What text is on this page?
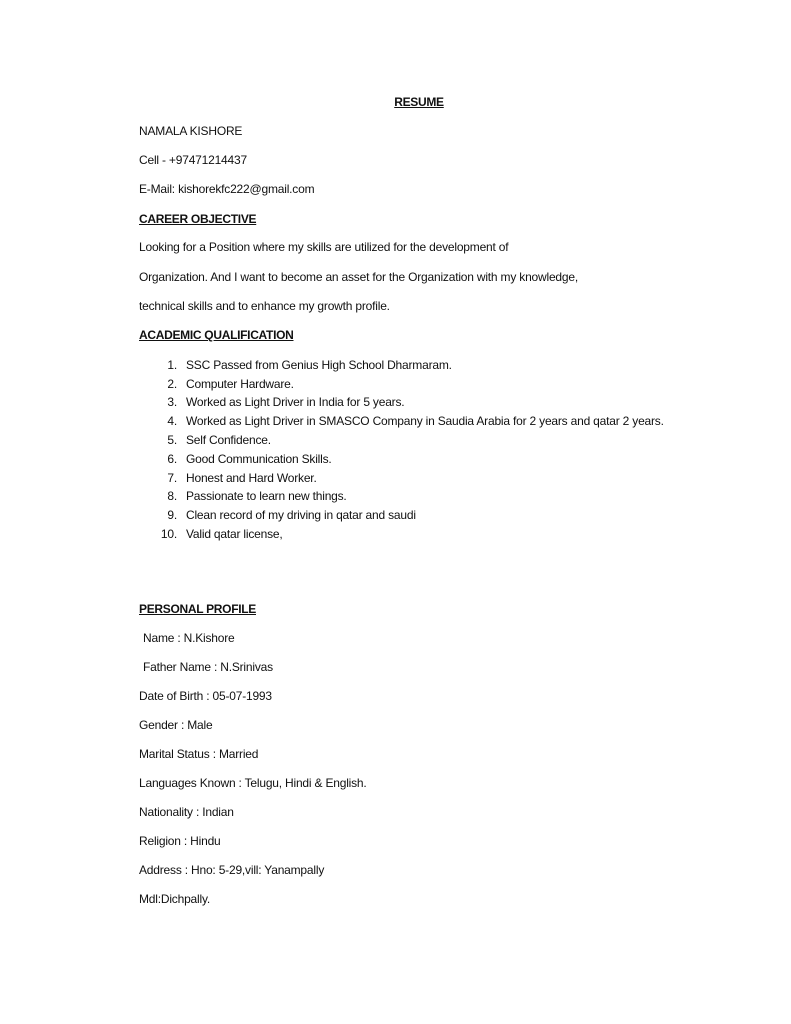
RESUME
NAMALA KISHORE
Cell - +97471214437
E-Mail: kishorekfc222@gmail.com
CAREER OBJECTIVE
Looking for a Position where my skills are utilized for the development of
Organization. And I want to become an asset for the Organization with my knowledge,
technical skills and to enhance my growth profile.
ACADEMIC QUALIFICATION
1. SSC Passed from Genius High School Dharmaram.
2. Computer Hardware.
3. Worked as Light Driver in India for 5 years.
4. Worked as Light Driver in SMASCO Company in Saudia Arabia for 2 years and qatar 2 years.
5. Self Confidence.
6. Good Communication Skills.
7. Honest and Hard Worker.
8. Passionate to learn new things.
9. Clean record of my driving in qatar and saudi
10. Valid qatar license,
PERSONAL PROFILE
Name : N.Kishore
Father Name : N.Srinivas
Date of Birth : 05-07-1993
Gender : Male
Marital Status : Married
Languages Known : Telugu, Hindi & English.
Nationality : Indian
Religion : Hindu
Address : Hno: 5-29,vill: Yanampally
Mdl:Dichpally.
